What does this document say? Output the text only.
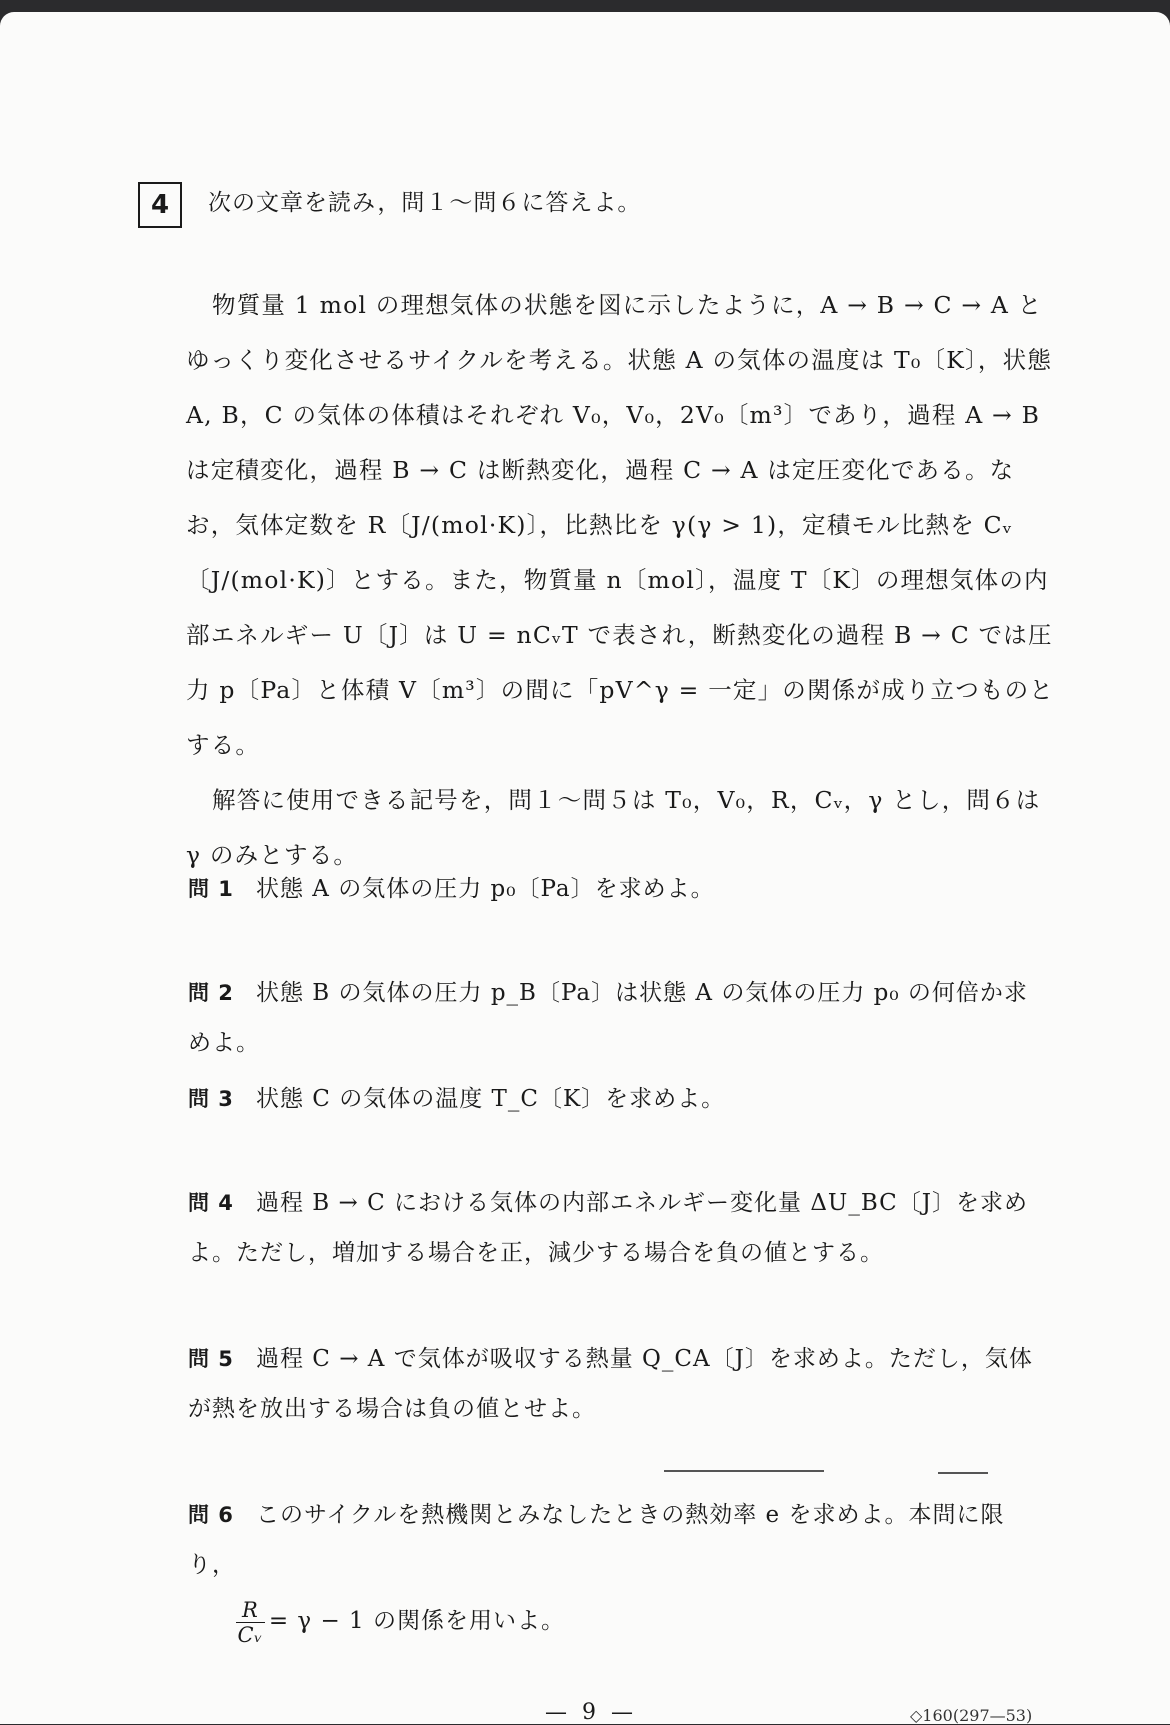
4	次の文章を読み，問１～問６に答えよ。

物質量 1 mol の理想気体の状態を図に示したように，A → B → C → A とゆっくり変化させるサイクルを考える。状態 A の気体の温度は T₀〔K〕，状態 A, B，C の気体の体積はそれぞれ V₀，V₀，2V₀〔m³〕であり，過程 A → B は定積変化，過程 B → C は断熱変化，過程 C → A は定圧変化である。なお，気体定数を R〔J/(mol·K)〕，比熱比を γ(γ > 1)，定積モル比熱を Cᵥ〔J/(mol·K)〕とする。また，物質量 n〔mol〕，温度 T〔K〕の理想気体の内部エネルギー U〔J〕は U = nCᵥT で表され，断熱変化の過程 B → C では圧力 p〔Pa〕と体積 V〔m³〕の間に「pV^γ = 一定」の関係が成り立つものとする。

解答に使用できる記号を，問１～問５は T₀，V₀，R，Cᵥ，γ とし，問６は γ のみとする。

問 1 状態 A の気体の圧力 p₀〔Pa〕を求めよ。
問 2 状態 B の気体の圧力 p_B〔Pa〕は状態 A の気体の圧力 p₀ の何倍か求めよ。
問 3 状態 C の気体の温度 T_C〔K〕を求めよ。
問 4 過程 B → C における気体の内部エネルギー変化量 ΔU_BC〔J〕を求めよ。ただし，増加する場合を正，減少する場合を負の値とする。
問 5 過程 C → A で気体が吸収する熱量 Q_CA〔J〕を求めよ。ただし，気体が熱を放出する場合は負の値とせよ。
問 6 このサイクルを熱機関とみなしたときの熱効率 e を求めよ。本問に限り，
$\frac{R}{\text{Cᵥ}} = \gamma - 1$ の関係を用いよ。
— 9 —	◇160(297—53)
